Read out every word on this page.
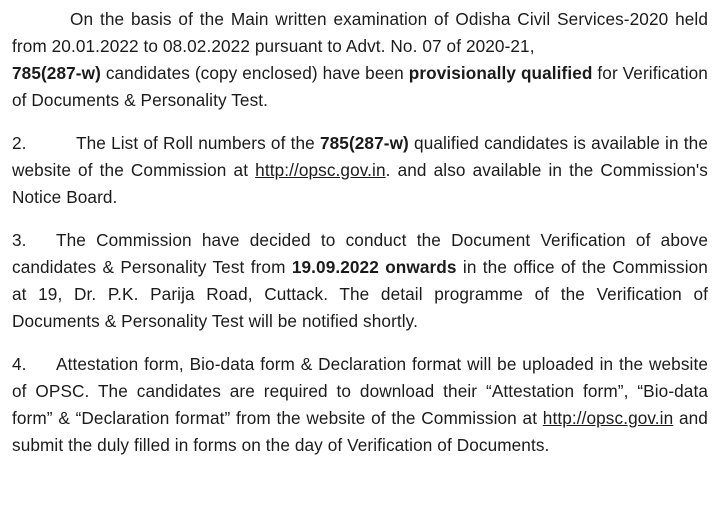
On the basis of the Main written examination of Odisha Civil Services-2020 held from 20.01.2022 to 08.02.2022 pursuant to Advt. No. 07 of 2020-21,
785(287-w) candidates (copy enclosed) have been provisionally qualified for Verification of Documents & Personality Test.

2.	The List of Roll numbers of the 785(287-w) qualified candidates is available in the website of the Commission at http://opsc.gov.in. and also available in the Commission's Notice Board.

3. The Commission have decided to conduct the Document Verification of above candidates & Personality Test from 19.09.2022 onwards in the office of the Commission at 19, Dr. P.K. Parija Road, Cuttack. The detail programme of the Verification of Documents & Personality Test will be notified shortly.

4. Attestation form, Bio-data form & Declaration format will be uploaded in the website of OPSC. The candidates are required to download their “Attestation form”, “Bio-data form” & “Declaration format” from the website of the Commission at http://opsc.gov.in and submit the duly filled in forms on the day of Verification of Documents.
